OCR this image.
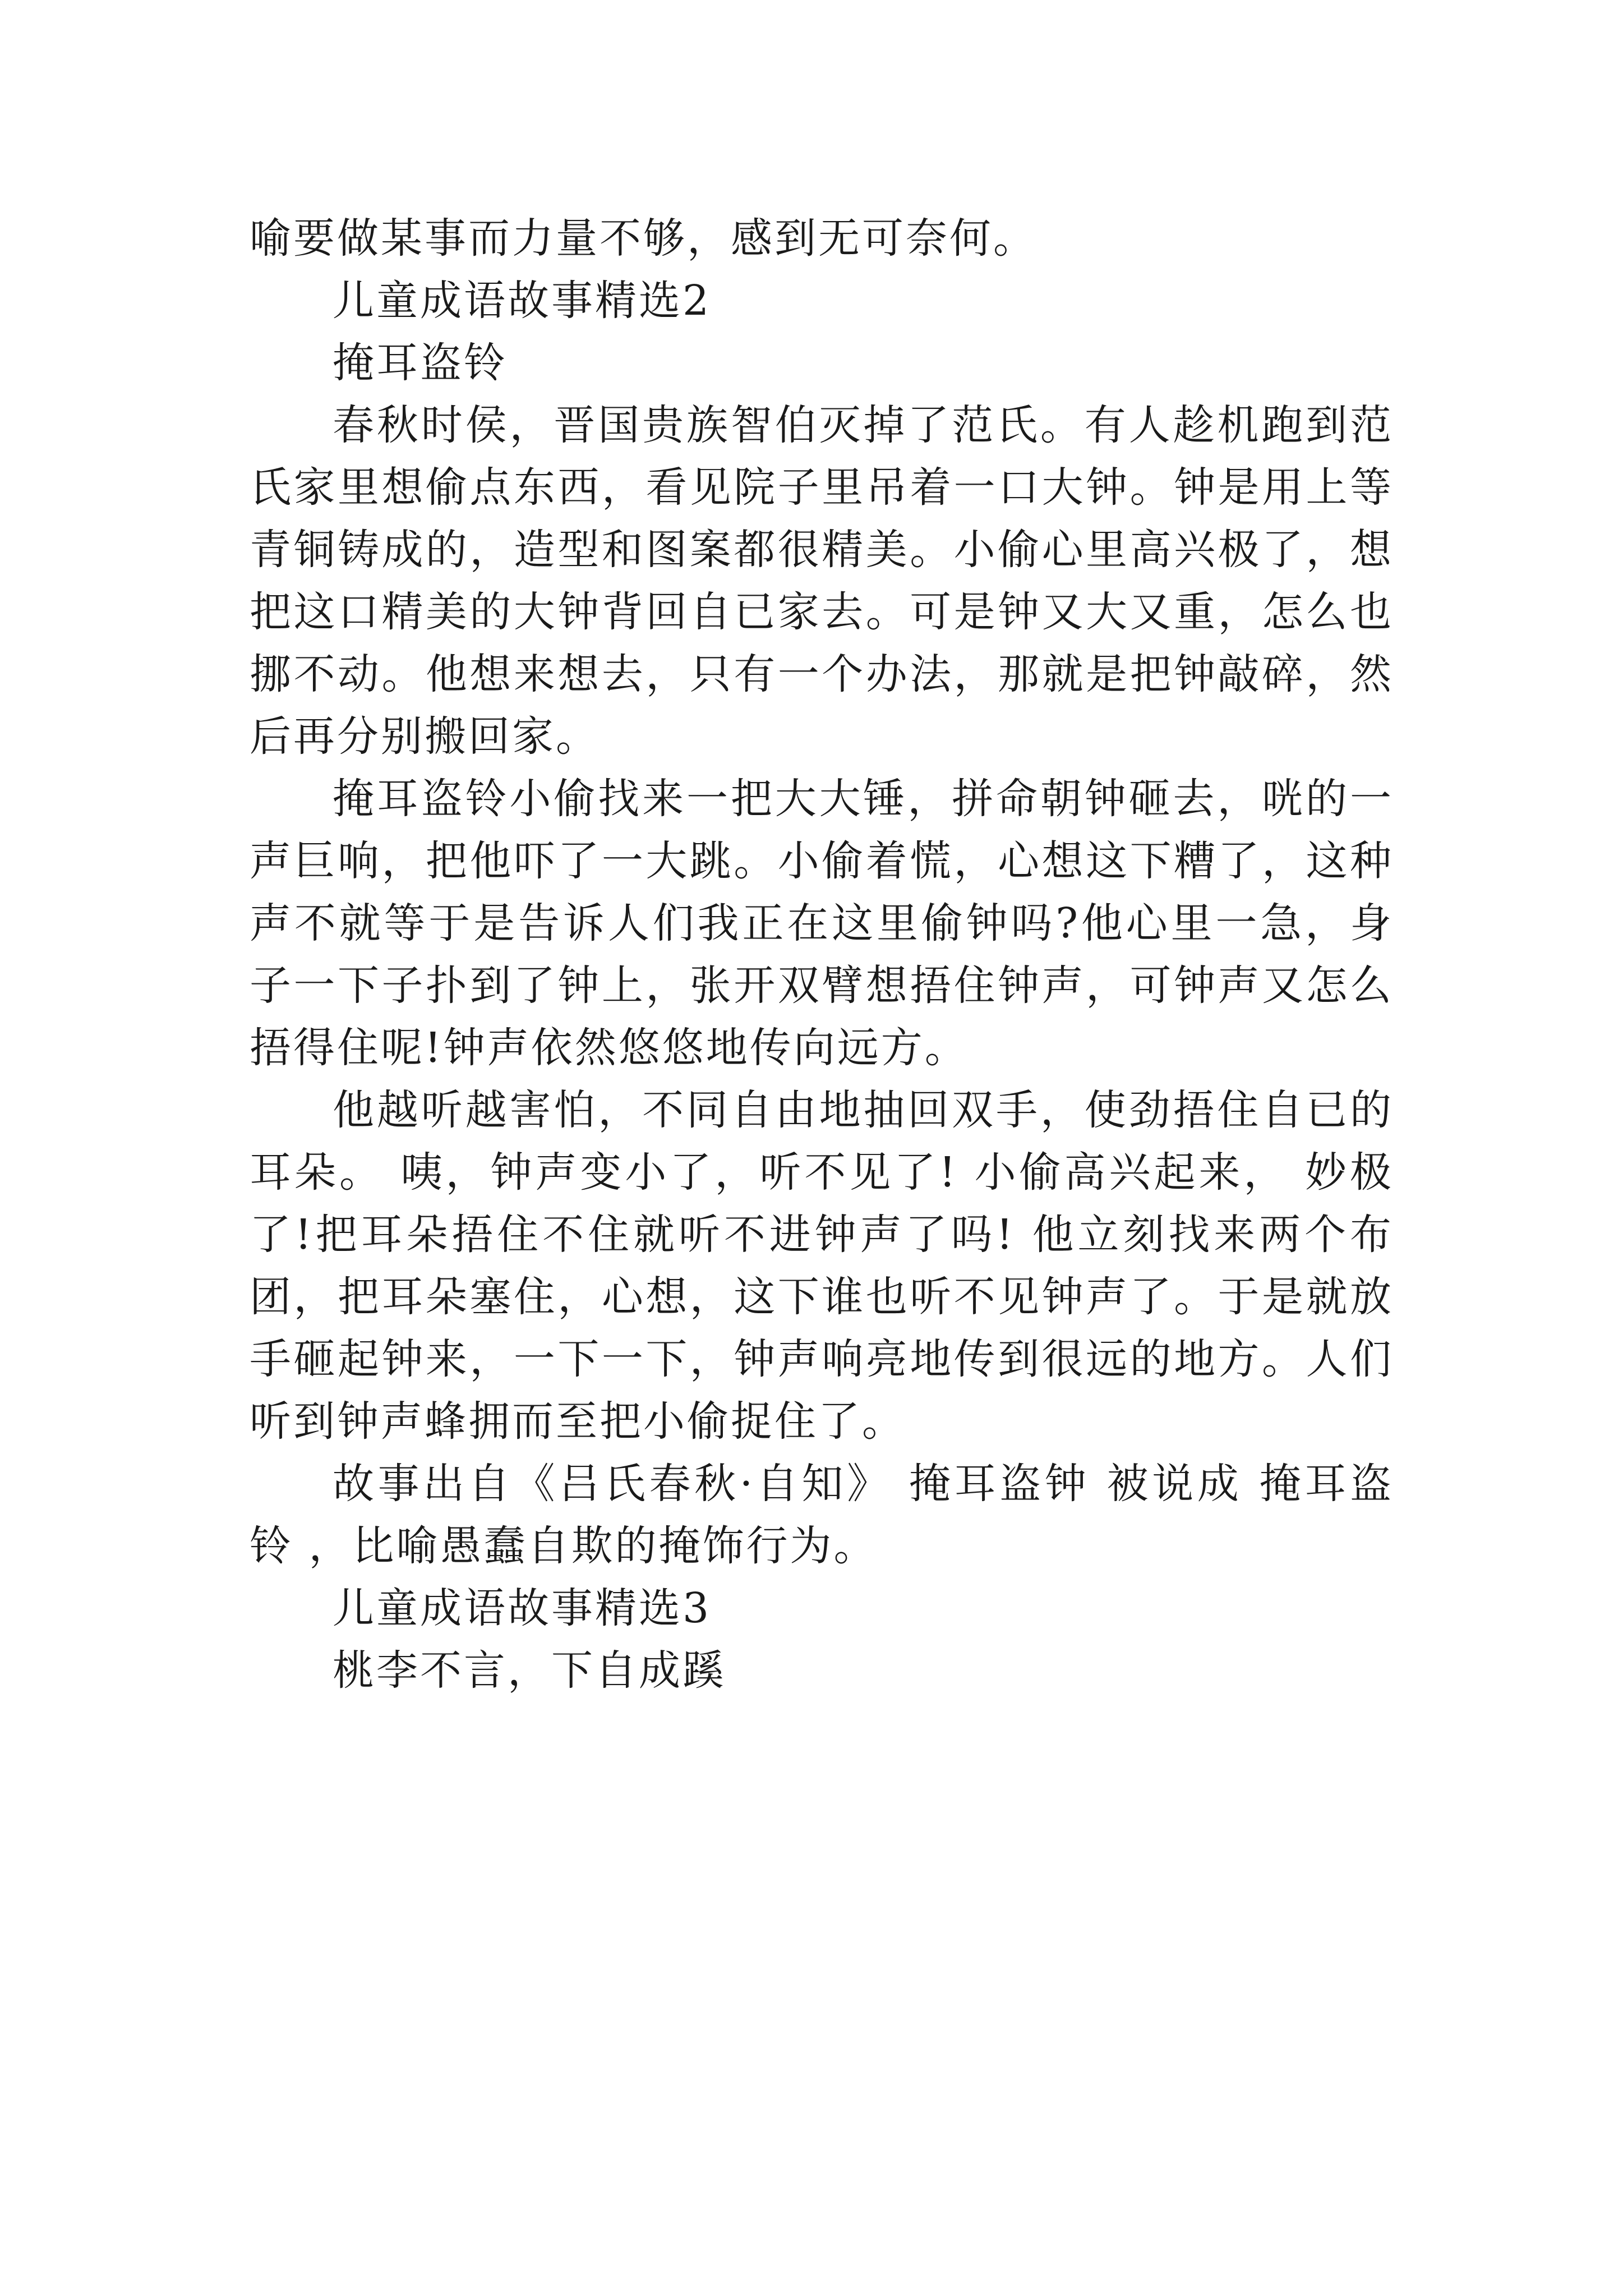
喻要做某事而力量不够，感到无可奈何。

儿童成语故事精选2

掩耳盗铃

春秋时侯，晋国贵族智伯灭掉了范氏。有人趁机跑到范氏家里想偷点东西，看见院子里吊着一口大钟。钟是用上等青铜铸成的，造型和图案都很精美。小偷心里高兴极了，想把这口精美的大钟背回自已家去。可是钟又大又重，怎么也挪不动。他想来想去，只有一个办法，那就是把钟敲碎，然后再分别搬回家。

掩耳盗铃小偷找来一把大大锤，拼命朝钟砸去，咣的一声巨响，把他吓了一大跳。小偷着慌，心想这下糟了，这种声不就等于是告诉人们我正在这里偷钟吗?他心里一急，身子一下子扑到了钟上，张开双臂想捂住钟声，可钟声又怎么捂得住呢!钟声依然悠悠地传向远方。

他越听越害怕，不同自由地抽回双手，使劲捂住自已的耳朵。 咦，钟声变小了，听不见了! 小偷高兴起来， 妙极了!把耳朵捂住不住就听不进钟声了吗! 他立刻找来两个布团，把耳朵塞住，心想，这下谁也听不见钟声了。于是就放手砸起钟来，一下一下，钟声响亮地传到很远的地方。人们听到钟声蜂拥而至把小偷捉住了。

故事出自《吕氏春秋·自知》 掩耳盗钟 被说成 掩耳盗铃 ，比喻愚蠢自欺的掩饰行为。

儿童成语故事精选3

桃李不言，下自成蹊
